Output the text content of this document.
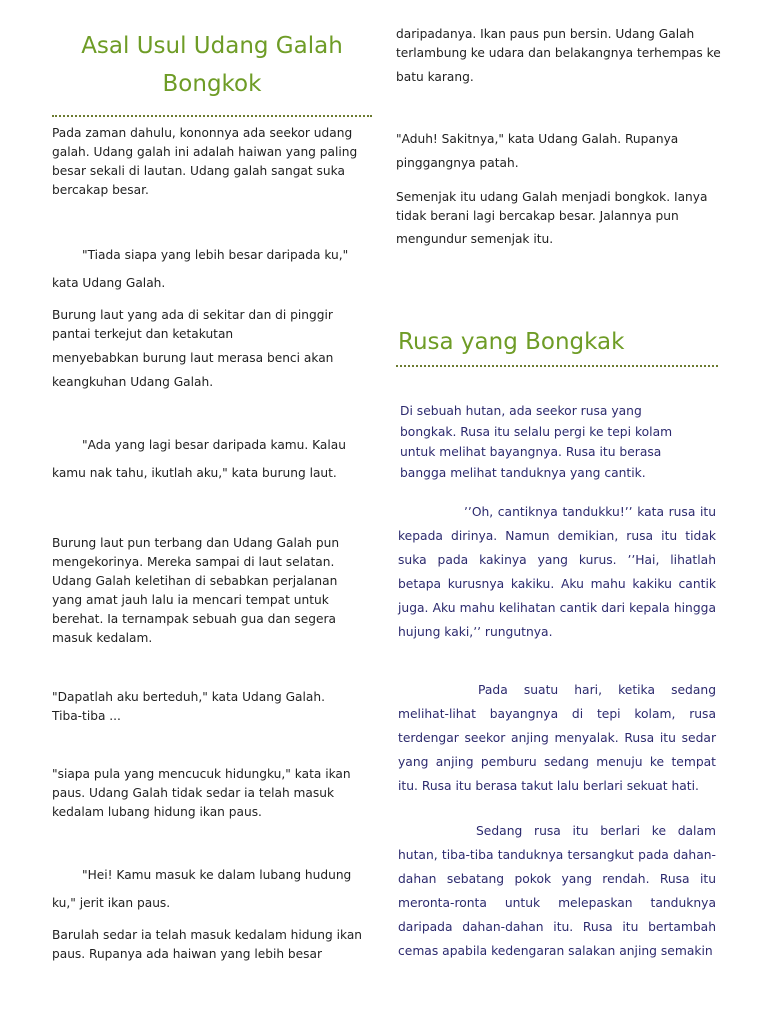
Asal Usul Udang Galah
Bongkok

Pada zaman dahulu, kononnya ada seekor udang galah. Udang galah ini adalah haiwan yang paling besar sekali di lautan. Udang galah sangat suka bercakap besar.

"Tiada siapa yang lebih besar daripada ku,"

kata Udang Galah.

Burung laut yang ada di sekitar dan di pinggir pantai terkejut dan ketakutan

menyebabkan burung laut merasa benci akan

keangkuhan Udang Galah.

"Ada yang lagi besar daripada kamu. Kalau

kamu nak tahu, ikutlah aku," kata burung laut.

Burung laut pun terbang dan Udang Galah pun mengekorinya. Mereka sampai di laut selatan. Udang Galah keletihan di sebabkan perjalanan yang amat jauh lalu ia mencari tempat untuk berehat. Ia ternampak sebuah gua dan segera masuk kedalam.

"Dapatlah aku berteduh," kata Udang Galah. Tiba-tiba ...

"siapa pula yang mencucuk hidungku," kata ikan paus. Udang Galah tidak sedar ia telah masuk kedalam lubang hidung ikan paus.

"Hei! Kamu masuk ke dalam lubang hudung

ku," jerit ikan paus.

Barulah sedar ia telah masuk kedalam hidung ikan paus. Rupanya ada haiwan yang lebih besar

daripadanya. Ikan paus pun bersin. Udang Galah terlambung ke udara dan belakangnya terhempas ke

batu karang.

"Aduh! Sakitnya," kata Udang Galah. Rupanya

pinggangnya patah.

Semenjak itu udang Galah menjadi bongkok. Ianya tidak berani lagi bercakap besar. Jalannya pun

mengundur semenjak itu.

Rusa yang Bongkak

Di sebuah hutan, ada seekor rusa yang bongkak. Rusa itu selalu pergi ke tepi kolam untuk melihat bayangnya. Rusa itu berasa bangga melihat tanduknya yang cantik.

ʼʼOh, cantiknya tandukku!ʼʼ kata rusa itu kepada dirinya. Namun demikian, rusa itu tidak suka pada kakinya yang kurus. ʼʼHai, lihatlah betapa kurusnya kakiku. Aku mahu kakiku cantik juga. Aku mahu kelihatan cantik dari kepala hingga hujung kaki,ʼʼ rungutnya.

Pada suatu hari, ketika sedang melihat-lihat bayangnya di tepi kolam, rusa terdengar seekor anjing menyalak. Rusa itu sedar yang anjing pemburu sedang menuju ke tempat itu. Rusa itu berasa takut lalu berlari sekuat hati.

Sedang rusa itu berlari ke dalam hutan, tiba-tiba tanduknya tersangkut pada dahan-dahan sebatang pokok yang rendah. Rusa itu meronta-ronta untuk melepaskan tanduknya daripada dahan-dahan itu. Rusa itu bertambah cemas apabila kedengaran salakan anjing semakin
